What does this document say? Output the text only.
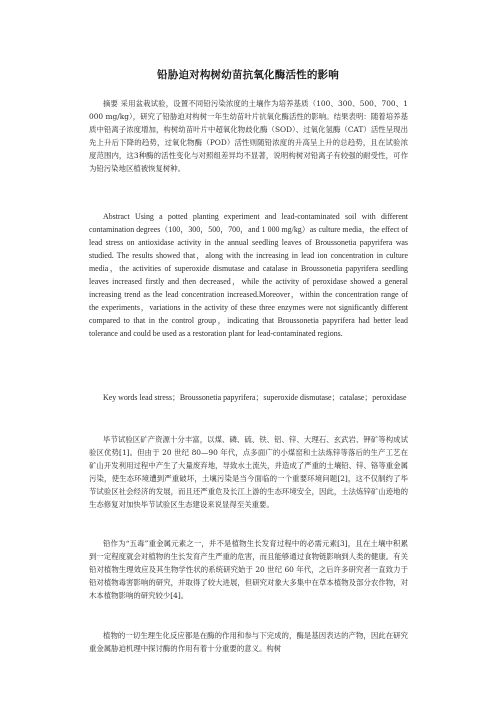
铅胁迫对构树幼苗抗氧化酶活性的影响

摘要 采用盆栽试验，设置不同铅污染浓度的土壤作为培养基质（100、300、500、700、1 000 mg/kg），研究了铅胁迫对构树一年生幼苗叶片抗氧化酶活性的影响。结果表明：随着培养基质中铅离子浓度增加，构树幼苗叶片中超氧化物歧化酶（SOD）、过氧化氢酶（CAT）活性呈现出先上升后下降的趋势，过氧化物酶（POD）活性则随铅浓度的升高呈上升的总趋势，且在试验浓度范围内，这3种酶的活性变化与对照组差异均不显著，说明构树对铅离子有较强的耐受性，可作为铅污染地区植被恢复树种。

Abstract Using a potted planting experiment and lead-contaminated soil with different contamination degrees（100，300，500，700，and 1 000 mg/kg）as culture media，the effect of lead stress on antioxidase activity in the annual seedling leaves of Broussonetia papyrifera was studied. The results showed that，along with the increasing in lead ion concentration in culture media，the activities of superoxide dismutase and catalase in Broussonetia papyrifera seedling leaves increased firstly and then decreased，while the activity of peroxidase showed a general increasing trend as the lead concentration increased.Moreover，within the concentration range of the experiments，variations in the activity of these three enzymes were not significantly different compared to that in the control group，indicating that Broussonetia papyrifera had better lead tolerance and could be used as a restoration plant for lead-contaminated regions.

Key words lead stress；Broussonetia papyrifera；superoxide dismutase；catalase；peroxidase

毕节试验区矿产资源十分丰富，以煤、磷、硫、铁、铝、锌、大理石、玄武岩、钾矿等构成试验区优势[1]。但由于 20 世纪 80—90 年代，点多面广的小煤窑和土法炼锌等落后的生产工艺在矿山开发利用过程中产生了大量废弃地，导致水土流失，并造成了严重的土壤铅、锌、铬等重金属污染，使生态环境遭到严重破坏，土壤污染是当今面临的一个重要环境问题[2]，这不仅制约了毕节试验区社会经济的发展，而且还严重危及长江上游的生态环境安全，因此，土法炼锌矿山迹地的生态修复对加快毕节试验区生态建设来说显得至关重要。

铅作为“五毒”重金属元素之一，并不是植物生长发育过程中的必需元素[3]，且在土壤中积累到一定程度就会对植物的生长发育产生严重的危害，而且能够通过食物链影响到人类的健康。有关铅对植物生理效应及其生物学性状的系统研究始于 20 世纪 60 年代，之后许多研究者一直致力于铅对植物毒害影响的研究，并取得了较大进展，但研究对象大多集中在草本植物及部分农作物，对木本植物影响的研究较少[4]。

植物的一切生理生化反应都是在酶的作用和参与下完成的，酶是基因表达的产物，因此在研究重金属胁迫机理中探讨酶的作用有着十分重要的意义。构树
